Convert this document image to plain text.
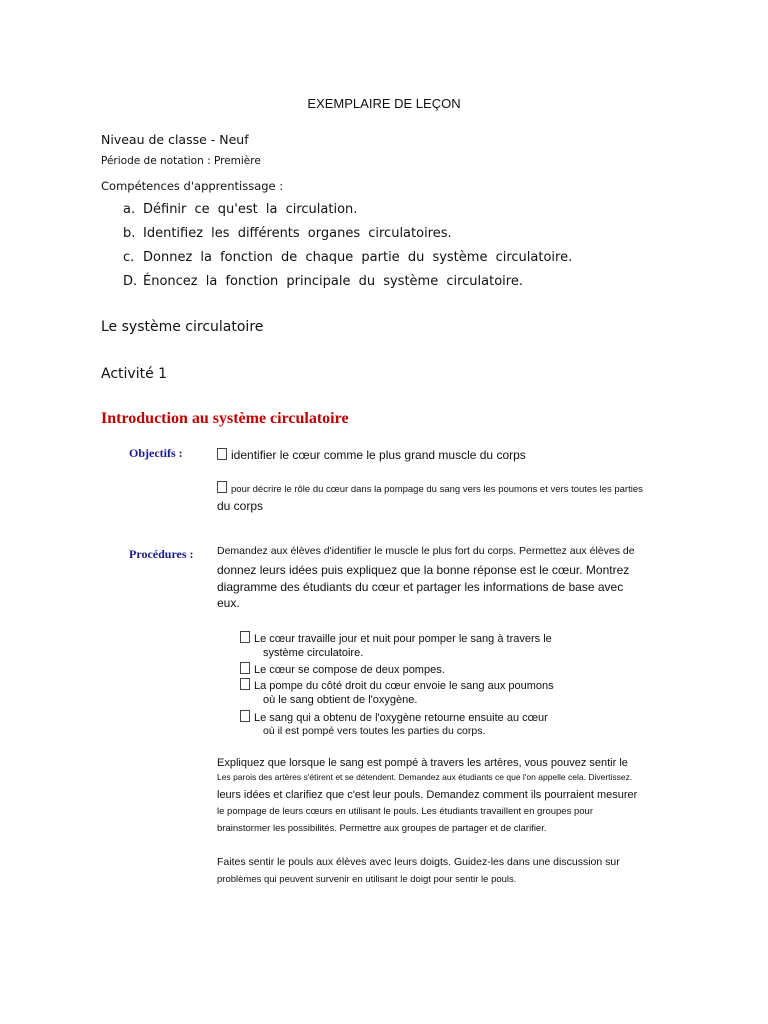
EXEMPLAIRE DE LEÇON
Niveau de classe - Neuf
Période de notation : Première
Compétences d'apprentissage :
a. Définir ce qu'est la circulation.
b. Identifiez les différents organes circulatoires.
c. Donnez la fonction de chaque partie du système circulatoire.
D. Énoncez la fonction principale du système circulatoire.
Le système circulatoire
Activité 1
Introduction au système circulatoire
Objectifs :	identifier le cœur comme le plus grand muscle du corps
pour décrire le rôle du cœur dans la pompage du sang vers les poumons et vers toutes les parties
du corps
Procédures : Demandez aux élèves d'identifier le muscle le plus fort du corps. Permettez aux élèves de
donnez leurs idées puis expliquez que la bonne réponse est le cœur. Montrez
diagramme des étudiants du cœur et partager les informations de base avec
eux.
Le cœur travaille jour et nuit pour pomper le sang à travers le
système circulatoire.
Le cœur se compose de deux pompes.
La pompe du côté droit du cœur envoie le sang aux poumons
où le sang obtient de l'oxygène.
Le sang qui a obtenu de l'oxygène retourne ensuite au cœur
où il est pompé vers toutes les parties du corps.
Expliquez que lorsque le sang est pompé à travers les artères, vous pouvez sentir le
Les parois des artères s'étirent et se détendent. Demandez aux étudiants ce que l'on appelle cela. Divertissez.
leurs idées et clarifiez que c'est leur pouls. Demandez comment ils pourraient mesurer
le pompage de leurs cœurs en utilisant le pouls. Les étudiants travaillent en groupes pour
brainstormer les possibilités. Permettre aux groupes de partager et de clarifier.
Faites sentir le pouls aux élèves avec leurs doigts. Guidez-les dans une discussion sur
problèmes qui peuvent survenir en utilisant le doigt pour sentir le pouls.
